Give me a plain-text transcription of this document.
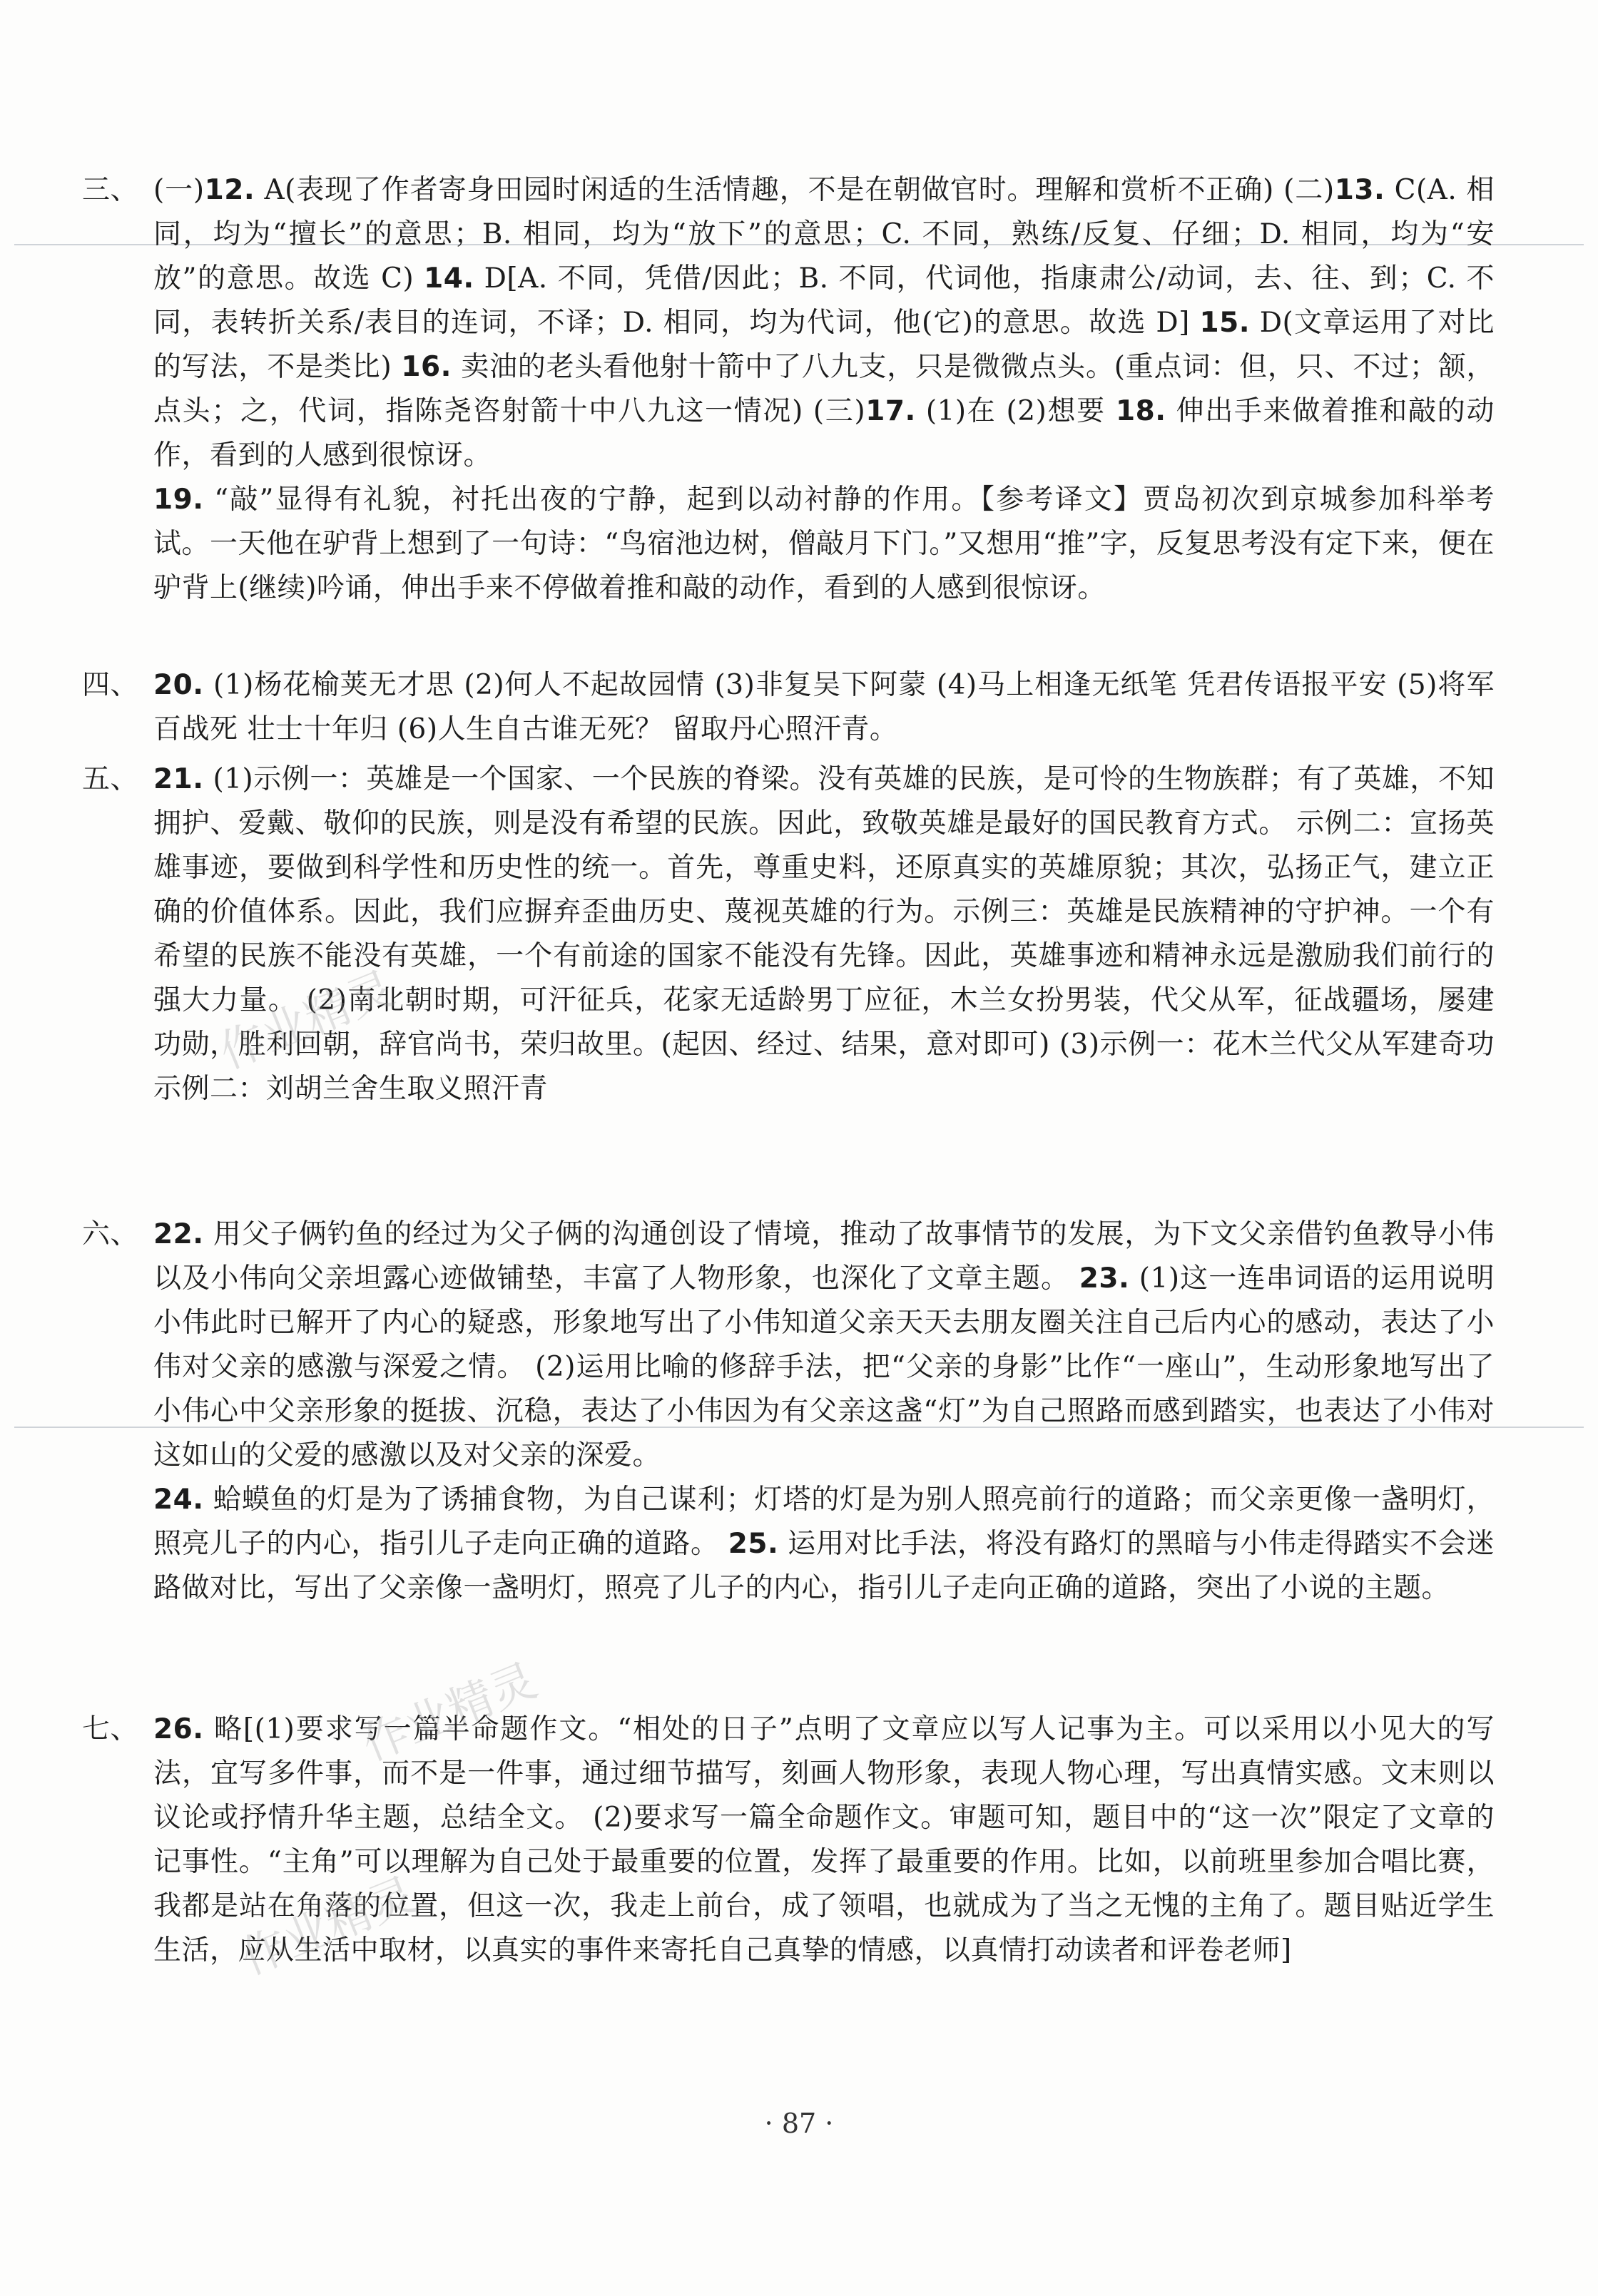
三、 (一)12. A(表现了作者寄身田园时闲适的生活情趣，不是在朝做官时。理解和赏析不正确) (二)13. C(A. 相同，均为“擅长”的意思；B. 相同，均为“放下”的意思；C. 不同，熟练/反复、仔细；D. 相同，均为“安放”的意思。故选 C) 14. D[A. 不同，凭借/因此；B. 不同，代词他，指康肃公/动词，去、往、到；C. 不同，表转折关系/表目的连词，不译；D. 相同，均为代词，他(它)的意思。故选 D] 15. D(文章运用了对比的写法，不是类比) 16. 卖油的老头看他射十箭中了八九支，只是微微点头。(重点词：但，只、不过；颔，点头；之，代词，指陈尧咨射箭十中八九这一情况) (三)17. (1)在 (2)想要 18. 伸出手来做着推和敲的动作，看到的人感到很惊讶。
19. “敲”显得有礼貌，衬托出夜的宁静，起到以动衬静的作用。【参考译文】贾岛初次到京城参加科举考试。一天他在驴背上想到了一句诗：“鸟宿池边树，僧敲月下门。”又想用“推”字，反复思考没有定下来，便在驴背上(继续)吟诵，伸出手来不停做着推和敲的动作，看到的人感到很惊讶。

四、 20. (1)杨花榆荚无才思 (2)何人不起故园情 (3)非复吴下阿蒙 (4)马上相逢无纸笔 凭君传语报平安 (5)将军百战死 壮士十年归 (6)人生自古谁无死？ 留取丹心照汗青。

五、 21. (1)示例一：英雄是一个国家、一个民族的脊梁。没有英雄的民族，是可怜的生物族群；有了英雄，不知拥护、爱戴、敬仰的民族，则是没有希望的民族。因此，致敬英雄是最好的国民教育方式。 示例二：宣扬英雄事迹，要做到科学性和历史性的统一。首先，尊重史料，还原真实的英雄原貌；其次，弘扬正气，建立正确的价值体系。因此，我们应摒弃歪曲历史、蔑视英雄的行为。示例三：英雄是民族精神的守护神。一个有希望的民族不能没有英雄，一个有前途的国家不能没有先锋。因此，英雄事迹和精神永远是激励我们前行的强大力量。 (2)南北朝时期，可汗征兵，花家无适龄男丁应征，木兰女扮男装，代父从军，征战疆场，屡建功勋，胜利回朝，辞官尚书，荣归故里。(起因、经过、结果，意对即可) (3)示例一：花木兰代父从军建奇功 示例二：刘胡兰舍生取义照汗青

六、 22. 用父子俩钓鱼的经过为父子俩的沟通创设了情境，推动了故事情节的发展，为下文父亲借钓鱼教导小伟以及小伟向父亲坦露心迹做铺垫，丰富了人物形象，也深化了文章主题。 23. (1)这一连串词语的运用说明小伟此时已解开了内心的疑惑，形象地写出了小伟知道父亲天天去朋友圈关注自己后内心的感动，表达了小伟对父亲的感激与深爱之情。 (2)运用比喻的修辞手法，把“父亲的身影”比作“一座山”，生动形象地写出了小伟心中父亲形象的挺拔、沉稳，表达了小伟因为有父亲这盏“灯”为自己照路而感到踏实，也表达了小伟对这如山的父爱的感激以及对父亲的深爱。
24. 蛤蟆鱼的灯是为了诱捕食物，为自己谋利；灯塔的灯是为别人照亮前行的道路；而父亲更像一盏明灯，照亮儿子的内心，指引儿子走向正确的道路。 25. 运用对比手法，将没有路灯的黑暗与小伟走得踏实不会迷路做对比，写出了父亲像一盏明灯，照亮了儿子的内心，指引儿子走向正确的道路，突出了小说的主题。

七、 26. 略[(1)要求写一篇半命题作文。“相处的日子”点明了文章应以写人记事为主。可以采用以小见大的写法，宜写多件事，而不是一件事，通过细节描写，刻画人物形象，表现人物心理，写出真情实感。文末则以议论或抒情升华主题，总结全文。 (2)要求写一篇全命题作文。审题可知，题目中的“这一次”限定了文章的记事性。“主角”可以理解为自己处于最重要的位置，发挥了最重要的作用。比如，以前班里参加合唱比赛，我都是站在角落的位置，但这一次，我走上前台，成了领唱，也就成为了当之无愧的主角了。题目贴近学生生活，应从生活中取材，以真实的事件来寄托自己真挚的情感，以真情打动读者和评卷老师]

作业精灵
作业精灵
作业精灵
· 87 ·
